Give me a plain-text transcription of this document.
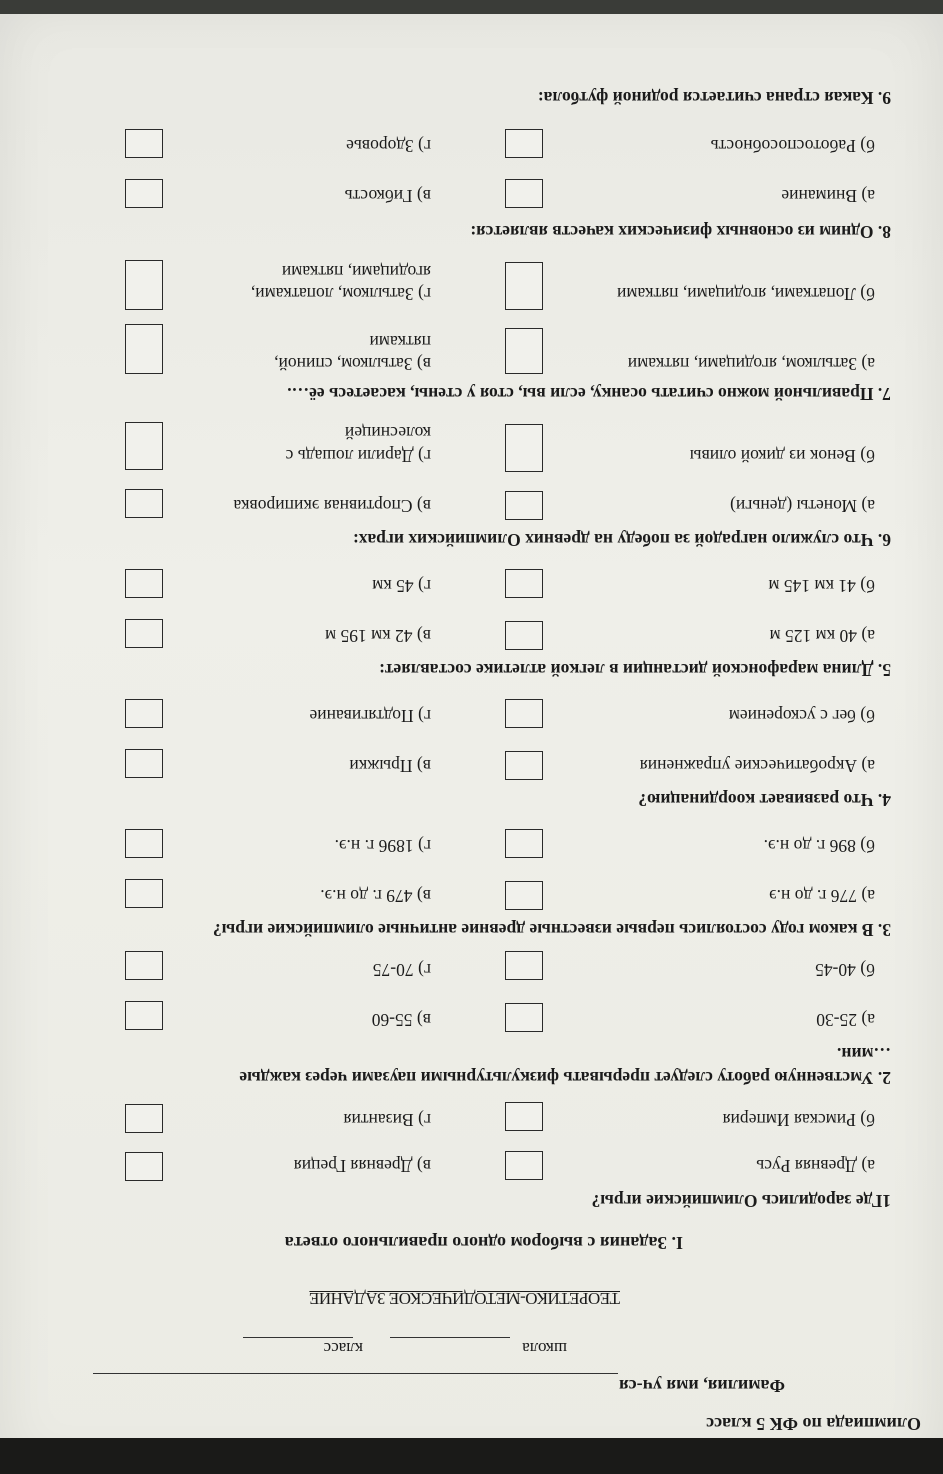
Олимпиада по ФК 5 класс
Фамилия, имя уч-ся
школа
класс
ТЕОРЕТИКО-МЕТОДИЧЕСКОЕ ЗАДАНИЕ
I. Задания с выбором одного правильного ответа
1Где зародились Олимпийские игры?
а) Древняя Русь
в) Древняя Греция
б) Римская Империя
г) Византия
2. Умственную работу следует прерывать физкультурными паузами через каждые
…мин.
а) 25-30
в) 55-60
б) 40-45
г) 70-75
3. В каком году состоялись первые известные древние античные олимпийские игры?
а) 776 г. до н.э
в) 479 г. до н.э.
б) 896 г. до н.э.
г) 1896 г. н.э.
4. Что развивает координацию?
а) Акробатические упражнения
в) Прыжки
б) бег с ускорением
г) Подтягивание
5. Длина марафонской дистанции в легкой атлетике составляет:
а) 40 км 125 м
в) 42 км 195 м
б) 41 км 145 м
г) 45 км
6. Что служило наградой за победу на древних Олимпийских играх:
а) Монеты (деньги)
в) Спортивная экипировка
б) Венок из дикой оливы
г) Дарили лошадь с
колесницей
7. Правильной можно считать осанку, если вы, стоя у стены, касаетесь её….
а) Затылком, ягодицами, пятками
в) Затылком, спиной,
пятками
б) Лопатками, ягодицами, пятками
г) Затылком, лопатками,
ягодицами, пятками
8. Одним из основных физических качеств является:
а) Внимание
в) Гибкость
б) Работоспособность
г) Здоровье
9. Какая страна считается родиной футбола:
